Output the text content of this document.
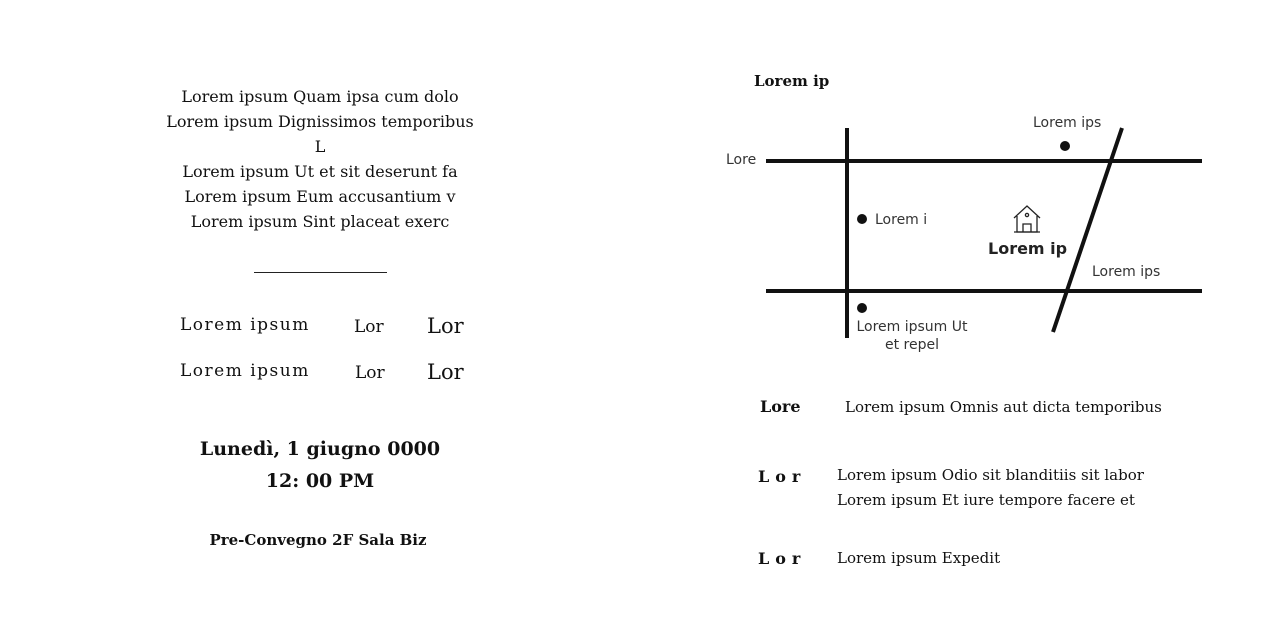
Lorem ipsum Quam ipsa cum dolo
Lorem ipsum Dignissimos temporibus
L
Lorem ipsum Ut et sit deserunt fa
Lorem ipsum Eum accusantium v
Lorem ipsum Sint placeat exerc
Lorem ipsum	Lor Lor
Lorem ipsum	Lor Lor
Lunedì, 1 giugno 0000
12: 00 PM
Pre-Convegno 2F Sala Biz
Lorem ip
Lore
Lorem ips
Lorem i
Lorem ip
Lorem ips
Lorem ipsum Ut
et repel
Lore	Lorem ipsum Omnis aut dicta temporibus
Lor Lorem ipsum Odio sit blanditiis sit labor
Lorem ipsum Et iure tempore facere et
Lor Lorem ipsum Expedit
